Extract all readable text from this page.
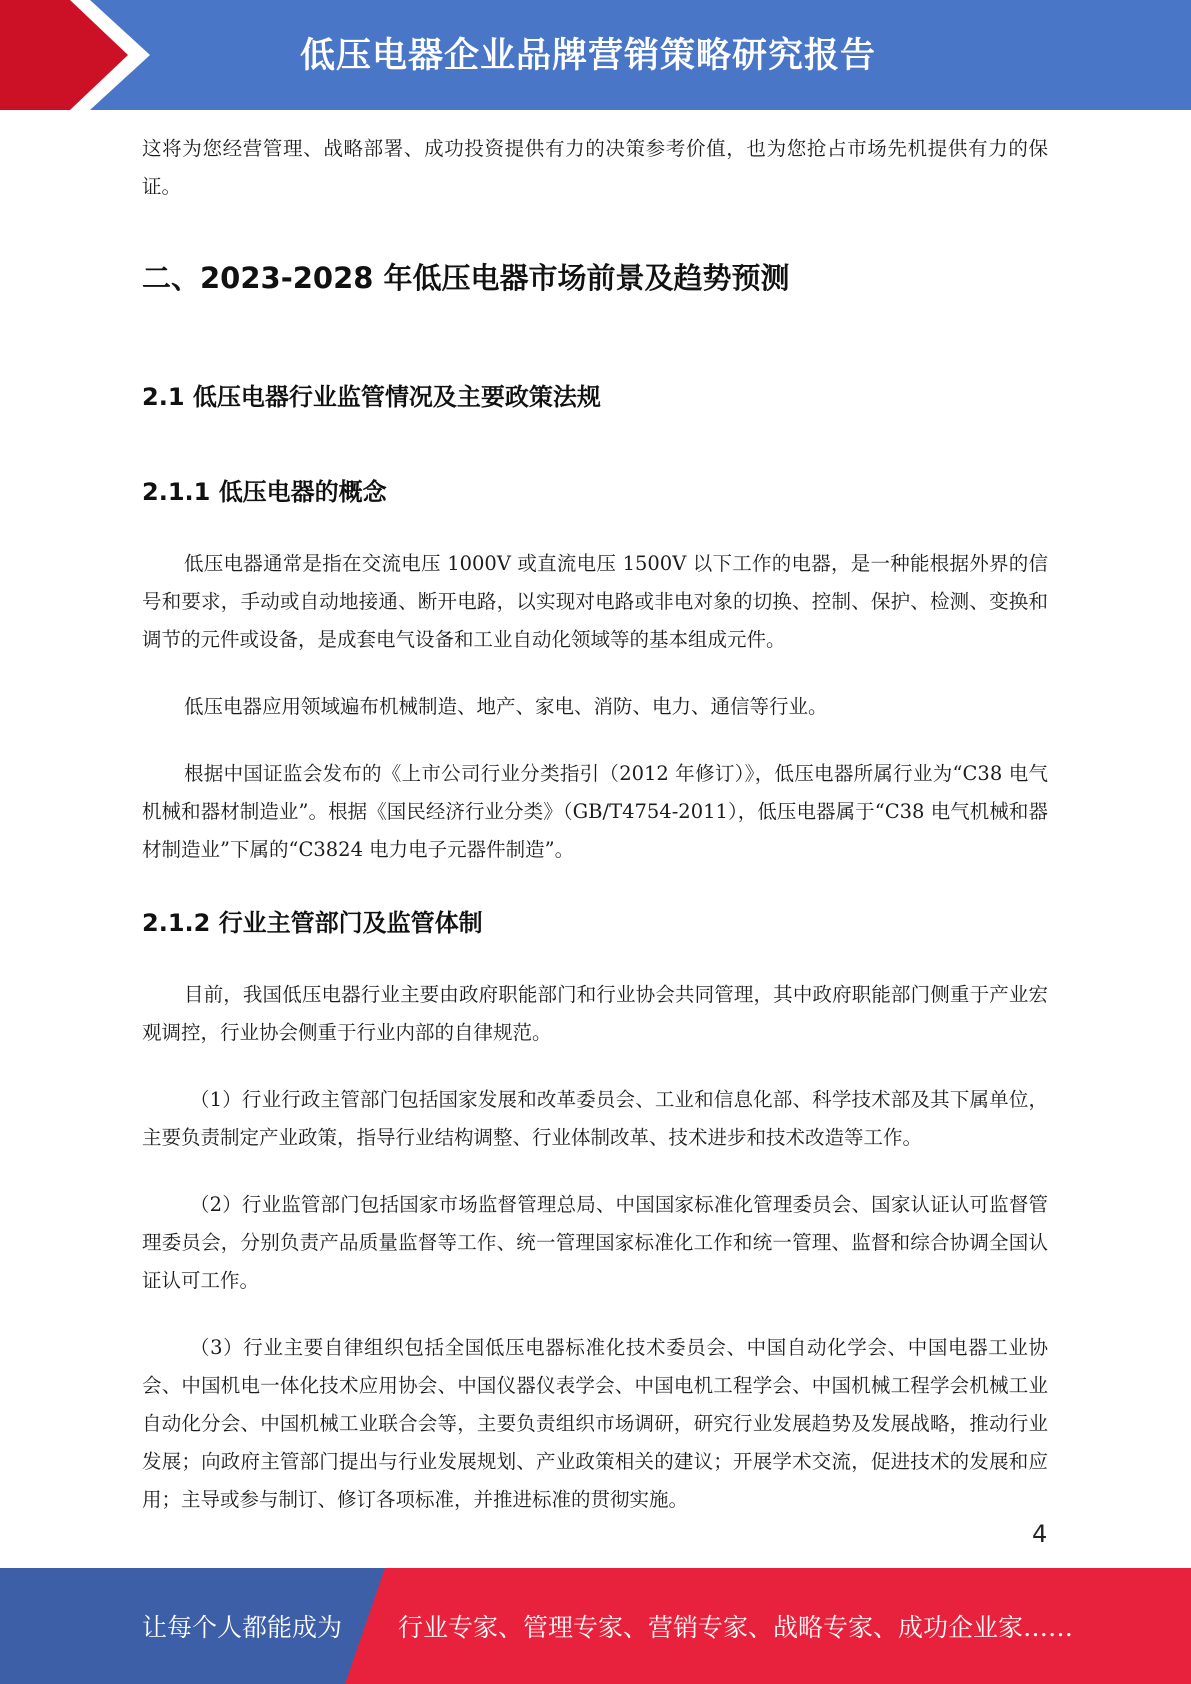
低压电器企业品牌营销策略研究报告

这将为您经营管理、战略部署、成功投资提供有力的决策参考价值，也为您抢占市场先机提供有力的保证。

二、2023-2028 年低压电器市场前景及趋势预测
2.1 低压电器行业监管情况及主要政策法规
2.1.1 低压电器的概念

低压电器通常是指在交流电压 1000V 或直流电压 1500V 以下工作的电器，是一种能根据外界的信号和要求，手动或自动地接通、断开电路，以实现对电路或非电对象的切换、控制、保护、检测、变换和调节的元件或设备，是成套电气设备和工业自动化领域等的基本组成元件。

低压电器应用领域遍布机械制造、地产、家电、消防、电力、通信等行业。

根据中国证监会发布的《上市公司行业分类指引（2012 年修订）》，低压电器所属行业为“C38 电气机械和器材制造业”。根据《国民经济行业分类》（GB/T4754-2011），低压电器属于“C38 电气机械和器材制造业”下属的“C3824 电力电子元器件制造”。

2.1.2 行业主管部门及监管体制

目前，我国低压电器行业主要由政府职能部门和行业协会共同管理，其中政府职能部门侧重于产业宏观调控，行业协会侧重于行业内部的自律规范。

（1）行业行政主管部门包括国家发展和改革委员会、工业和信息化部、科学技术部及其下属单位，主要负责制定产业政策，指导行业结构调整、行业体制改革、技术进步和技术改造等工作。

（2）行业监管部门包括国家市场监督管理总局、中国国家标准化管理委员会、国家认证认可监督管理委员会，分别负责产品质量监督等工作、统一管理国家标准化工作和统一管理、监督和综合协调全国认证认可工作。

（3）行业主要自律组织包括全国低压电器标准化技术委员会、中国自动化学会、中国电器工业协会、中国机电一体化技术应用协会、中国仪器仪表学会、中国电机工程学会、中国机械工程学会机械工业自动化分会、中国机械工业联合会等，主要负责组织市场调研，研究行业发展趋势及发展战略，推动行业发展；向政府主管部门提出与行业发展规划、产业政策相关的建议；开展学术交流，促进技术的发展和应用；主导或参与制订、修订各项标准，并推进标准的贯彻实施。

4
让每个人都能成为 行业专家、管理专家、营销专家、战略专家、成功企业家……
